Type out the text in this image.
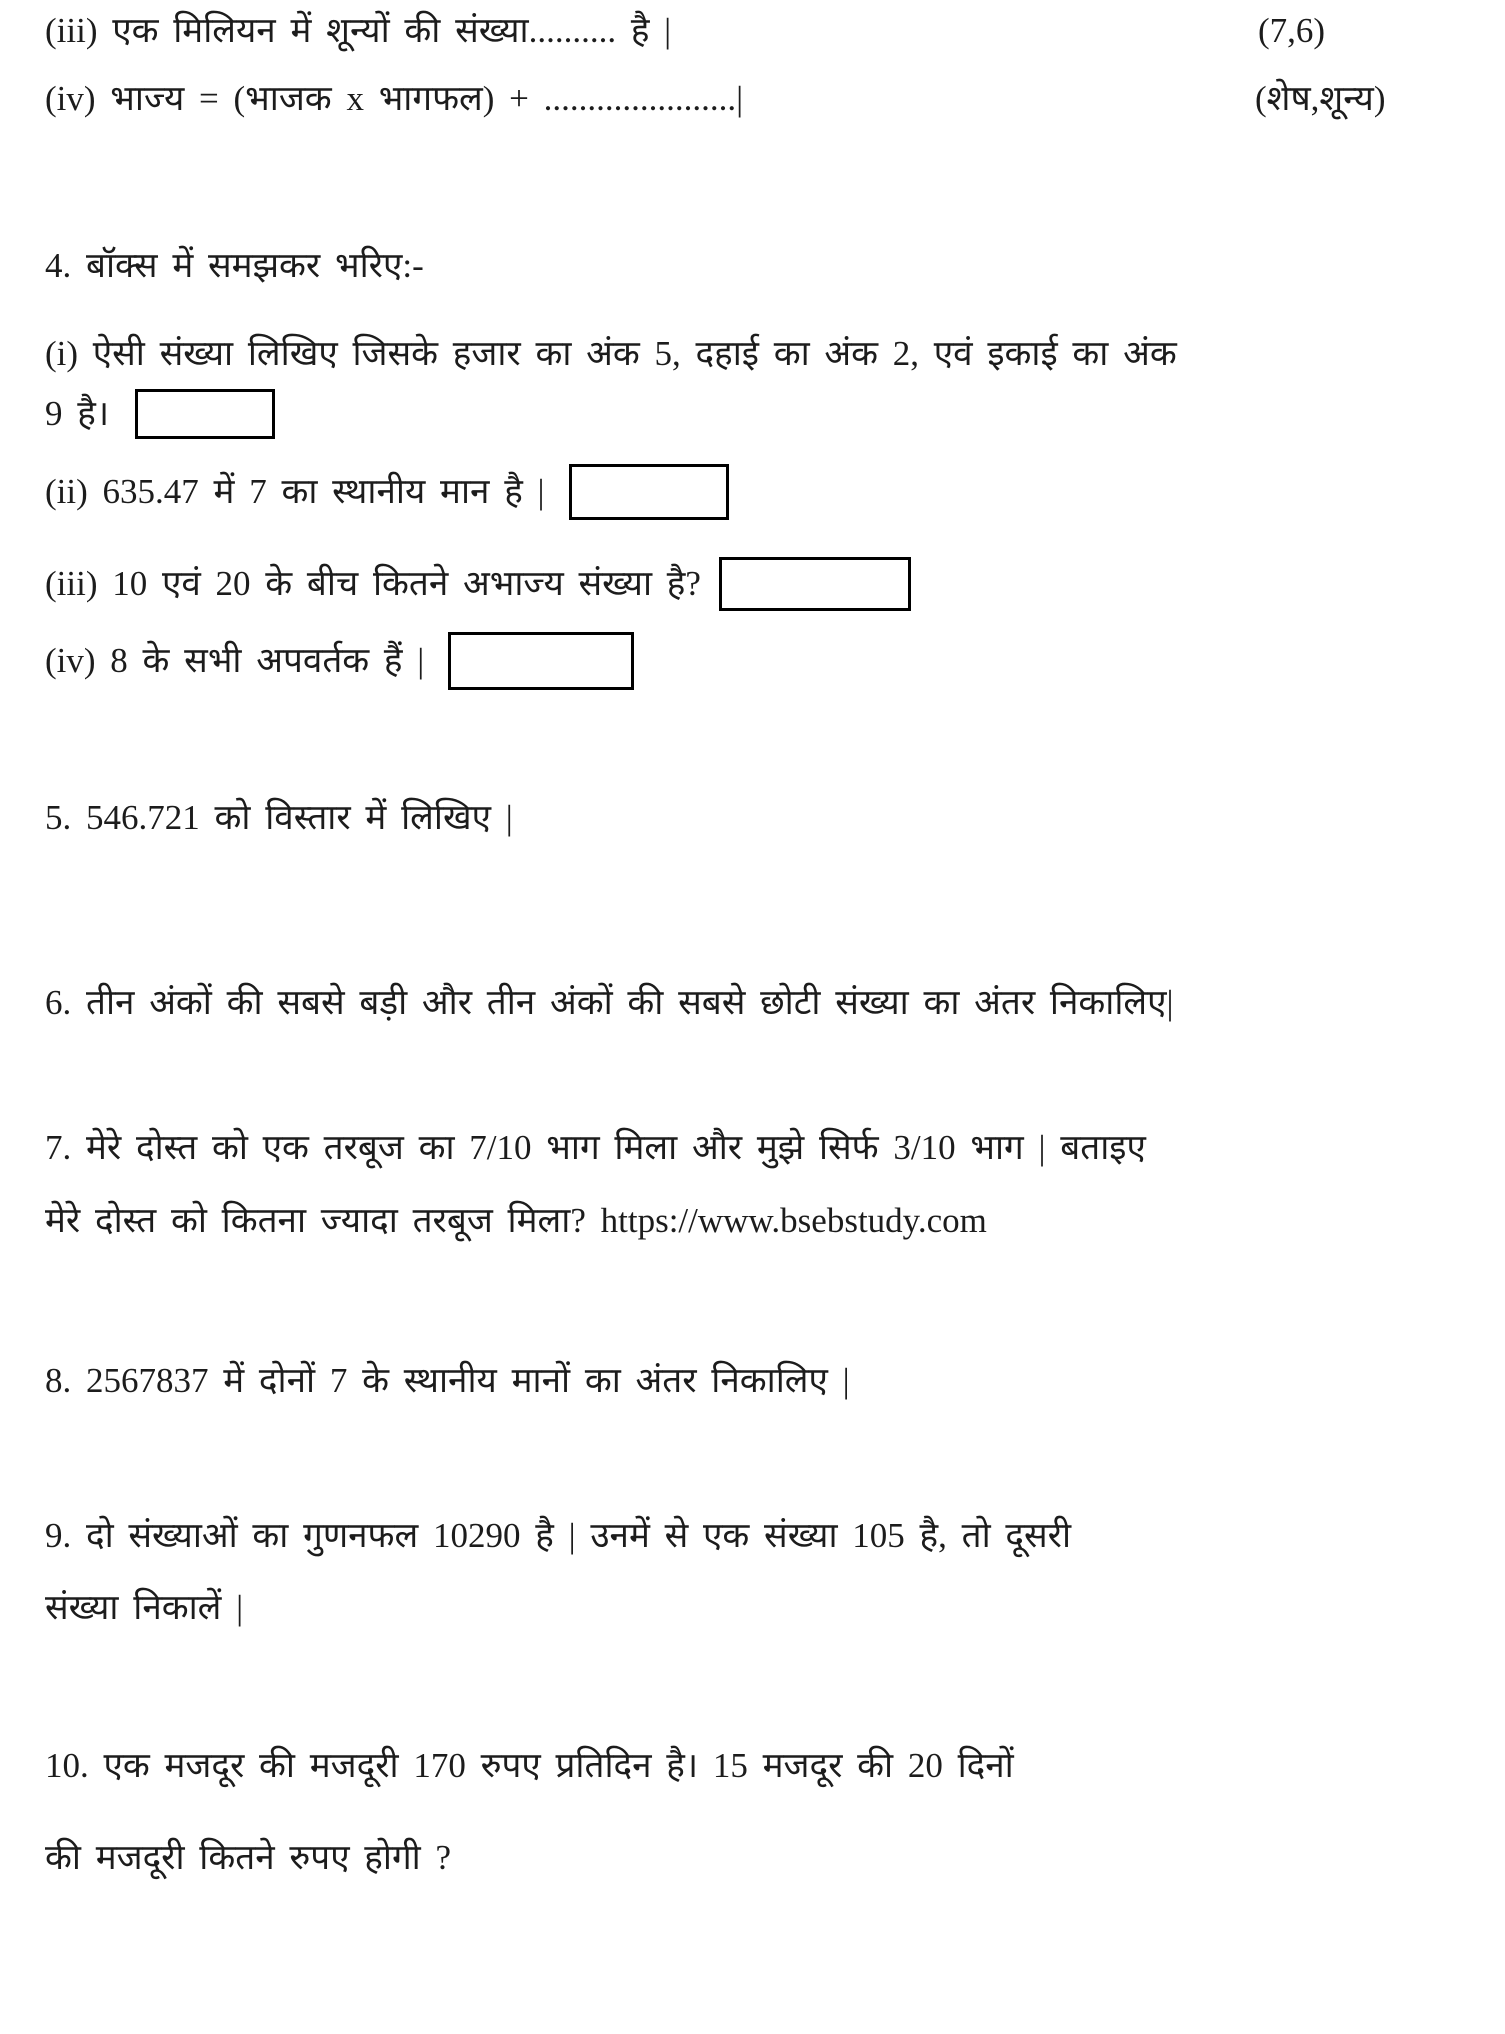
(iii) एक मिलियन में शून्यों की संख्या.......... है |	(7,6)
(iv) भाज्य = (भाजक x भागफल) + ......................|	(शेष,शून्य)
4. बॉक्स में समझकर भरिए:-
(i) ऐसी संख्या लिखिए जिसके हजार का अंक 5, दहाई का अंक 2, एवं इकाई का अंक
9 है।
(ii) 635.47 में 7 का स्थानीय मान है |
(iii) 10 एवं 20 के बीच कितने अभाज्य संख्या है?
(iv) 8 के सभी अपवर्तक हैं |
5. 546.721 को विस्तार में लिखिए |
6. तीन अंकों की सबसे बड़ी और तीन अंकों की सबसे छोटी संख्या का अंतर निकालिए|
7. मेरे दोस्त को एक तरबूज का 7/10 भाग मिला और मुझे सिर्फ 3/10 भाग | बताइए
मेरे दोस्त को कितना ज्यादा तरबूज मिला? https://www.bsebstudy.com
8. 2567837 में दोनों 7 के स्थानीय मानों का अंतर निकालिए |
9. दो संख्याओं का गुणनफल 10290 है | उनमें से एक संख्या 105 है, तो दूसरी
संख्या निकालें |
10. एक मजदूर की मजदूरी 170 रुपए प्रतिदिन है। 15 मजदूर की 20 दिनों
की मजदूरी कितने रुपए होगी ?
